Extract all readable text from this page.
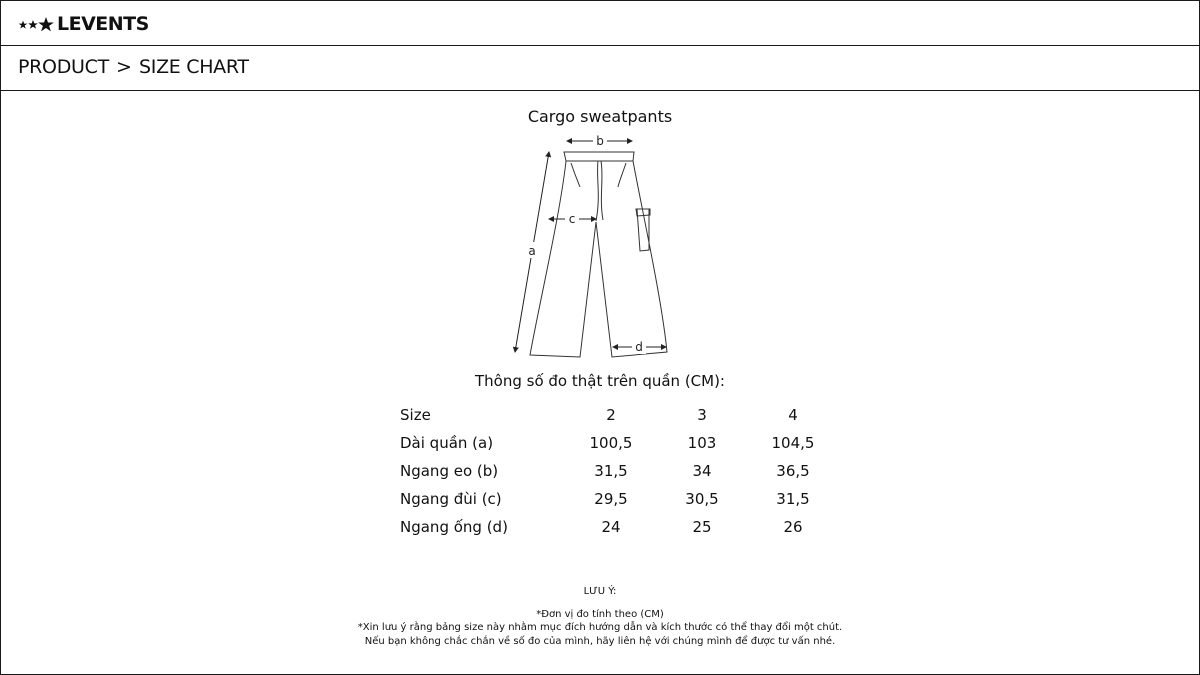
LEVENTS
PRODUCT > SIZE CHART
Cargo sweatpants
a
b
c
d
Thông số đo thật trên quần (CM):
Size	2	3	4
Dài quần (a)	100,5	103	104,5
Ngang eo (b)	31,5	34	36,5
Ngang đùi (c)	29,5	30,5	31,5
Ngang ống (d)	24	25	26
LƯU Ý:
*Đơn vị đo tính theo (CM)
*Xin lưu ý rằng bảng size này nhằm mục đích hướng dẫn và kích thước có thể thay đổi một chút.
Nếu bạn không chắc chắn về số đo của mình, hãy liên hệ với chúng mình để được tư vấn nhé.
